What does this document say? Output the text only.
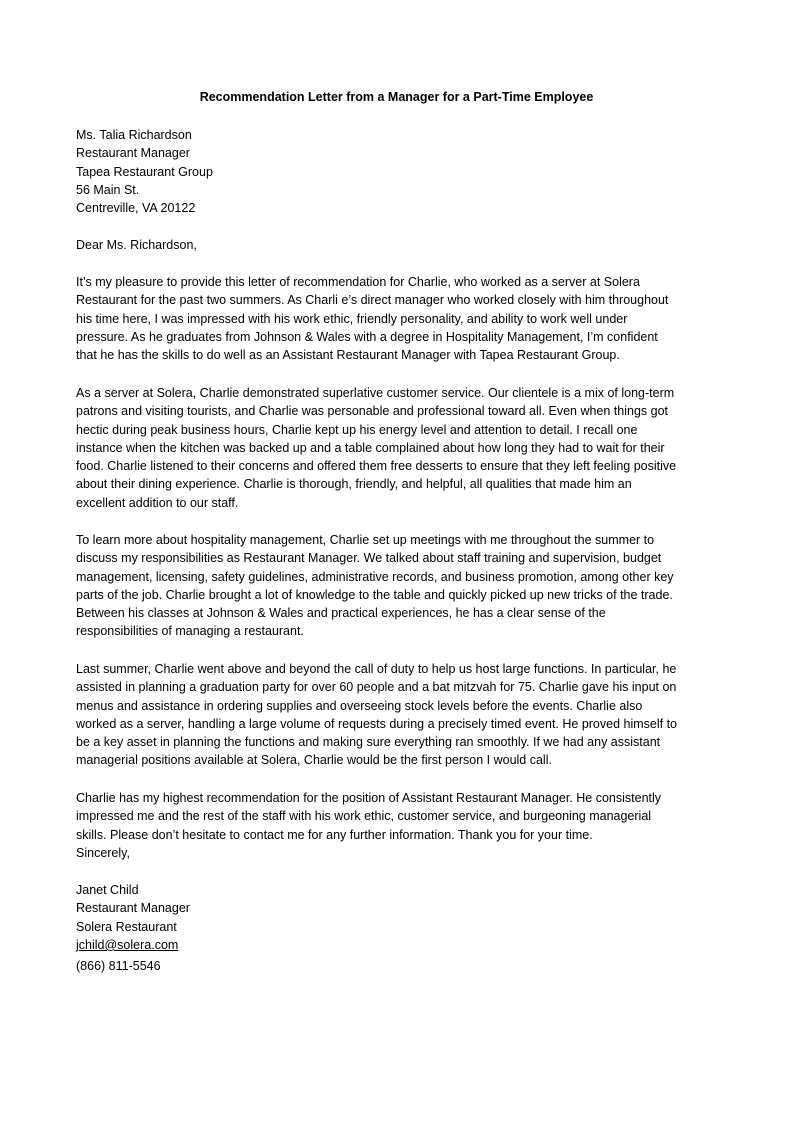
Recommendation Letter from a Manager for a Part-Time Employee
Ms. Talia Richardson
Restaurant Manager
Tapea Restaurant Group
56 Main St.
Centreville, VA 20122
Dear Ms. Richardson,
It’s my pleasure to provide this letter of recommendation for Charlie, who worked as a server at Solera
Restaurant for the past two summers. As Charli e’s direct manager who worked closely with him throughout
his time here, I was impressed with his work ethic, friendly personality, and ability to work well under
pressure. As he graduates from Johnson & Wales with a degree in Hospitality Management, I’m confident
that he has the skills to do well as an Assistant Restaurant Manager with Tapea Restaurant Group.
As a server at Solera, Charlie demonstrated superlative customer service. Our clientele is a mix of long-term
patrons and visiting tourists, and Charlie was personable and professional toward all. Even when things got
hectic during peak business hours, Charlie kept up his energy level and attention to detail. I recall one
instance when the kitchen was backed up and a table complained about how long they had to wait for their
food. Charlie listened to their concerns and offered them free desserts to ensure that they left feeling positive
about their dining experience. Charlie is thorough, friendly, and helpful, all qualities that made him an
excellent addition to our staff.
To learn more about hospitality management, Charlie set up meetings with me throughout the summer to
discuss my responsibilities as Restaurant Manager. We talked about staff training and supervision, budget
management, licensing, safety guidelines, administrative records, and business promotion, among other key
parts of the job. Charlie brought a lot of knowledge to the table and quickly picked up new tricks of the trade.
Between his classes at Johnson & Wales and practical experiences, he has a clear sense of the
responsibilities of managing a restaurant.
Last summer, Charlie went above and beyond the call of duty to help us host large functions. In particular, he
assisted in planning a graduation party for over 60 people and a bat mitzvah for 75. Charlie gave his input on
menus and assistance in ordering supplies and overseeing stock levels before the events. Charlie also
worked as a server, handling a large volume of requests during a precisely timed event. He proved himself to
be a key asset in planning the functions and making sure everything ran smoothly. If we had any assistant
managerial positions available at Solera, Charlie would be the first person I would call.
Charlie has my highest recommendation for the position of Assistant Restaurant Manager. He consistently
impressed me and the rest of the staff with his work ethic, customer service, and burgeoning managerial
skills. Please don’t hesitate to contact me for any further information. Thank you for your time.
Sincerely,
Janet Child
Restaurant Manager
Solera Restaurant
jchild@solera.com
(866) 811-5546
